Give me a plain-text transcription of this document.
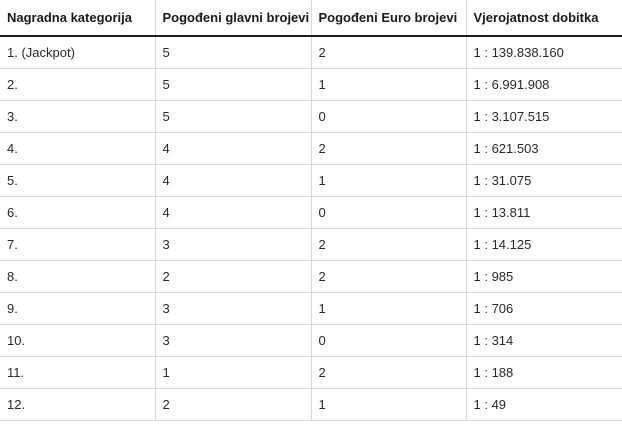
Nagradna kategorija	Pogođeni glavni brojevi	Pogođeni Euro brojevi	Vjerojatnost dobitka
1. (Jackpot)	5	2	1 : 139.838.160
2.	5	1	1 : 6.991.908
3.	5	0	1 : 3.107.515
4.	4	2	1 : 621.503
5.	4	1	1 : 31.075
6.	4	0	1 : 13.811
7.	3	2	1 : 14.125
8.	2	2	1 : 985
9.	3	1	1 : 706
10.	3	0	1 : 314
11.	1	2	1 : 188
12.	2	1	1 : 49
